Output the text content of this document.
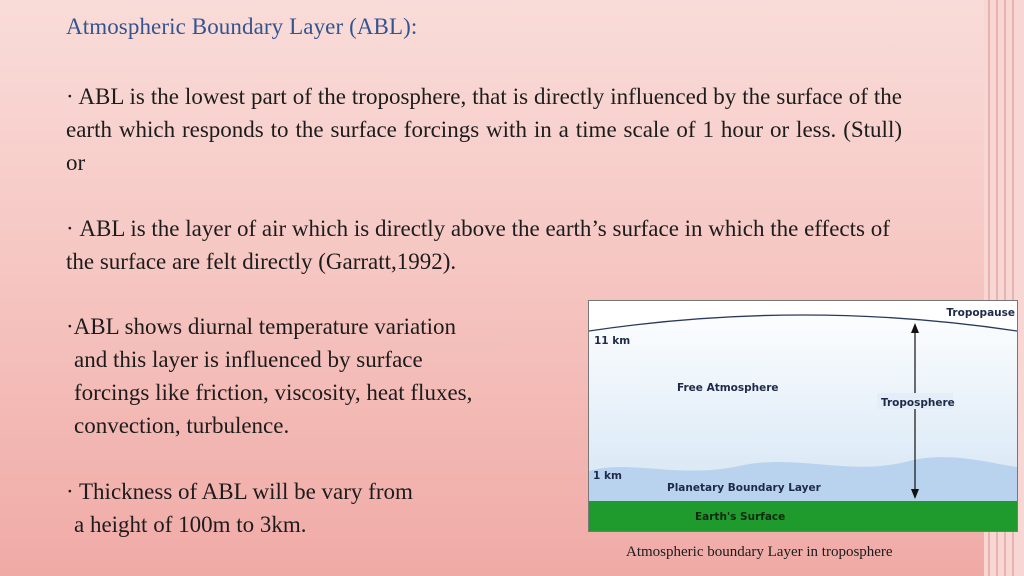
Atmospheric Boundary Layer (ABL):
· ABL is the lowest part of the troposphere, that is directly influenced by the surface of the earth which responds to the surface forcings with in a time scale of 1 hour or less. (Stull) or
· ABL is the layer of air which is directly above the earth’s surface in which the effects of the surface are felt directly (Garratt,1992).
·ABL shows diurnal temperature variation
and this layer is influenced by surface
forcings like friction, viscosity, heat fluxes,
convection, turbulence.
· Thickness of ABL will be vary from
a height of 100m to 3km.
Tropopause
11 km
Free Atmosphere
Troposphere
1 km
Planetary Boundary Layer
Earth's Surface
Atmospheric boundary Layer in troposphere
